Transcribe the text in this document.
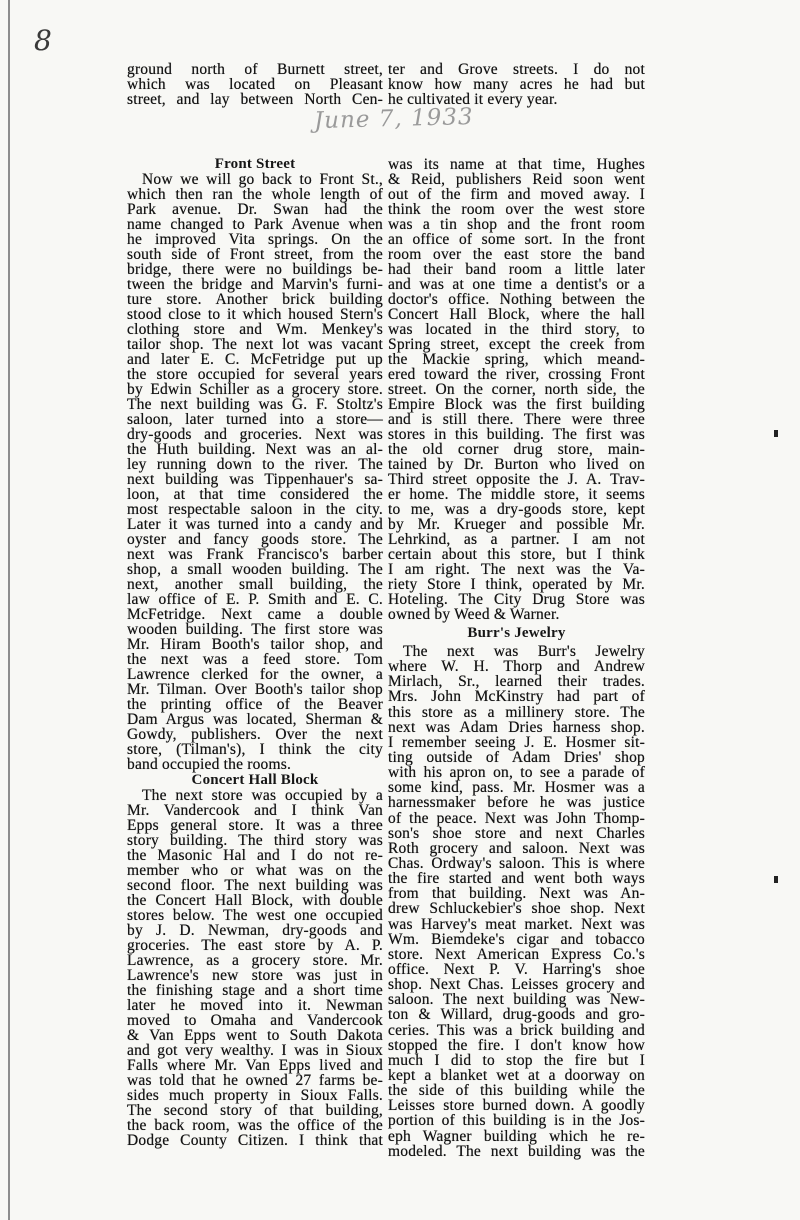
8
June 7, 1933
ground north of Burnett street,
which was located on Pleasant
street, and lay between North Cen-
ter and Grove streets. I do not
know how many acres he had but
he cultivated it every year.
Front Street
Now we will go back to Front St.,
which then ran the whole length of
Park avenue. Dr. Swan had the
name changed to Park Avenue when
he improved Vita springs. On the
south side of Front street, from the
bridge, there were no buildings be-
tween the bridge and Marvin's furni-
ture store. Another brick building
stood close to it which housed Stern's
clothing store and Wm. Menkey's
tailor shop. The next lot was vacant
and later E. C. McFetridge put up
the store occupied for several years
by Edwin Schiller as a grocery store.
The next building was G. F. Stoltz's
saloon, later turned into a store—
dry-goods and groceries. Next was
the Huth building. Next was an al-
ley running down to the river. The
next building was Tippenhauer's sa-
loon, at that time considered the
most respectable saloon in the city.
Later it was turned into a candy and
oyster and fancy goods store. The
next was Frank Francisco's barber
shop, a small wooden building. The
next, another small building, the
law office of E. P. Smith and E. C.
McFetridge. Next came a double
wooden building. The first store was
Mr. Hiram Booth's tailor shop, and
the next was a feed store. Tom
Lawrence clerked for the owner, a
Mr. Tilman. Over Booth's tailor shop
the printing office of the Beaver
Dam Argus was located, Sherman &
Gowdy, publishers. Over the next
store, (Tilman's), I think the city
band occupied the rooms.
Concert Hall Block
The next store was occupied by a
Mr. Vandercook and I think Van
Epps general store. It was a three
story building. The third story was
the Masonic Hal and I do not re-
member who or what was on the
second floor. The next building was
the Concert Hall Block, with double
stores below. The west one occupied
by J. D. Newman, dry-goods and
groceries. The east store by A. P.
Lawrence, as a grocery store. Mr.
Lawrence's new store was just in
the finishing stage and a short time
later he moved into it. Newman
moved to Omaha and Vandercook
& Van Epps went to South Dakota
and got very wealthy. I was in Sioux
Falls where Mr. Van Epps lived and
was told that he owned 27 farms be-
sides much property in Sioux Falls.
The second story of that building,
the back room, was the office of the
Dodge County Citizen. I think that
was its name at that time, Hughes
& Reid, publishers Reid soon went
out of the firm and moved away. I
think the room over the west store
was a tin shop and the front room
an office of some sort. In the front
room over the east store the band
had their band room a little later
and was at one time a dentist's or a
doctor's office. Nothing between the
Concert Hall Block, where the hall
was located in the third story, to
Spring street, except the creek from
the Mackie spring, which meand-
ered toward the river, crossing Front
street. On the corner, north side, the
Empire Block was the first building
and is still there. There were three
stores in this building. The first was
the old corner drug store, main-
tained by Dr. Burton who lived on
Third street opposite the J. A. Trav-
er home. The middle store, it seems
to me, was a dry-goods store, kept
by Mr. Krueger and possible Mr.
Lehrkind, as a partner. I am not
certain about this store, but I think
I am right. The next was the Va-
riety Store I think, operated by Mr.
Hoteling. The City Drug Store was
owned by Weed & Warner.
Burr's Jewelry
The next was Burr's Jewelry
where W. H. Thorp and Andrew
Mirlach, Sr., learned their trades.
Mrs. John McKinstry had part of
this store as a millinery store. The
next was Adam Dries harness shop.
I remember seeing J. E. Hosmer sit-
ting outside of Adam Dries' shop
with his apron on, to see a parade of
some kind, pass. Mr. Hosmer was a
harnessmaker before he was justice
of the peace. Next was John Thomp-
son's shoe store and next Charles
Roth grocery and saloon. Next was
Chas. Ordway's saloon. This is where
the fire started and went both ways
from that building. Next was An-
drew Schluckebier's shoe shop. Next
was Harvey's meat market. Next was
Wm. Biemdeke's cigar and tobacco
store. Next American Express Co.'s
office. Next P. V. Harring's shoe
shop. Next Chas. Leisses grocery and
saloon. The next building was New-
ton & Willard, drug-goods and gro-
ceries. This was a brick building and
stopped the fire. I don't know how
much I did to stop the fire but I
kept a blanket wet at a doorway on
the side of this building while the
Leisses store burned down. A goodly
portion of this building is in the Jos-
eph Wagner building which he re-
modeled. The next building was the
